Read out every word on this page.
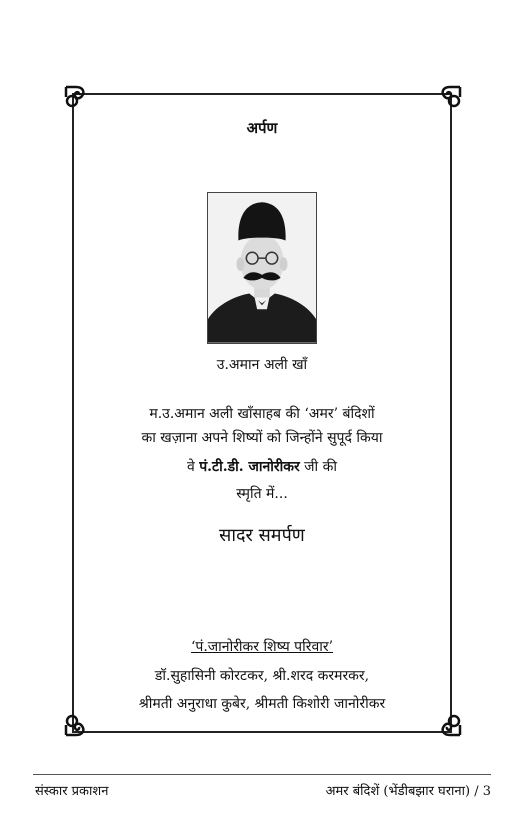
अर्पण
उ.अमान अली खाँ
म.उ.अमान अली खाँसाहब की ‘अमर’ बंदिशों
का खज़ाना अपने शिष्यों को जिन्होंने सुपूर्द किया
वे पं.टी.डी. जानोरीकर जी की
स्मृति में...
सादर समर्पण
‘पं.जानोरीकर शिष्य परिवार’
डॉ.सुहासिनी कोरटकर, श्री.शरद करमरकर,
श्रीमती अनुराधा कुबेर, श्रीमती किशोरी जानोरीकर
संस्कार प्रकाशन	अमर बंदिशें (भेंडीबझार घराना) / 3
